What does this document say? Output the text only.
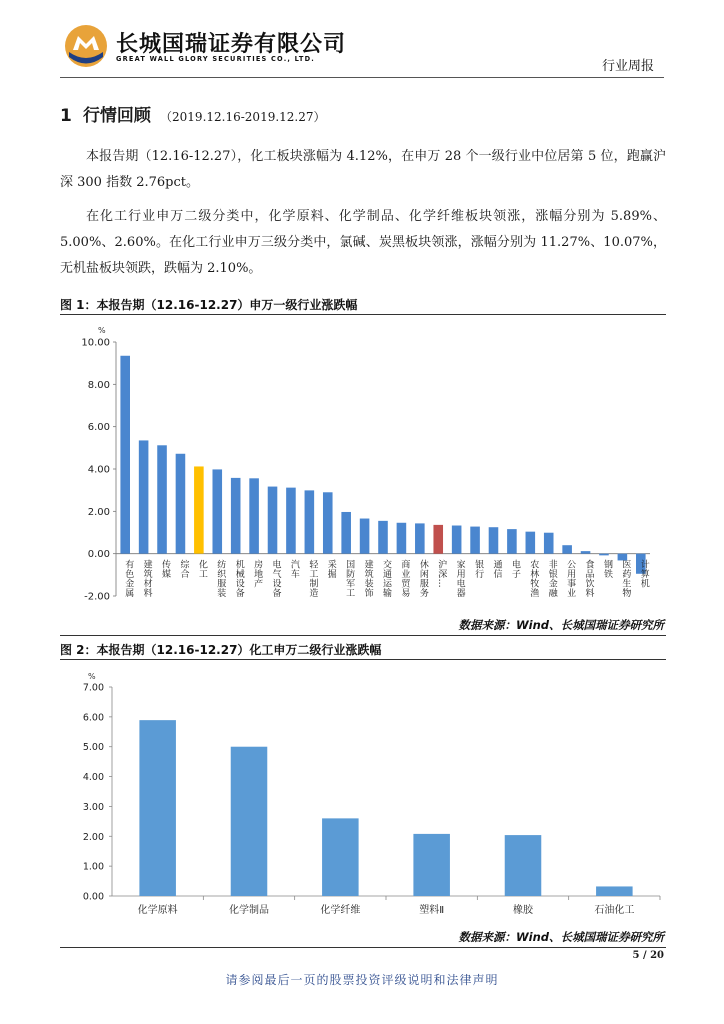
长城国瑞证券有限公司
GREAT WALL GLORY SECURITIES CO., LTD.	行业周报
1 行情回顾 （2019.12.16-2019.12.27）
本报告期（12.16-12.27），化工板块涨幅为 4.12%，在申万 28 个一级行业中位居第 5 位，跑赢沪深 300 指数 2.76pct。
在化工行业申万二级分类中，化学原料、化学制品、化学纤维板块领涨，涨幅分别为 5.89%、5.00%、2.60%。在化工行业申万三级分类中，氯碱、炭黑板块领涨，涨幅分别为 11.27%、10.07%，无机盐板块领跌，跌幅为 2.10%。
图 1：本报告期（12.16-12.27）申万一级行业涨跌幅
%
-2.00
0.00
2.00
4.00
6.00
8.00
10.00
有色金属 建筑材料 传媒 综合 化工 纺织服装 机械设备 房地产 电气设备 汽车 轻工制造 采掘 国防军工 建筑装饰 交通运输 商业贸易 休闲服务 沪深… 家用电器 银行 通信 电子 农林牧渔 非银金融 公用事业 食品饮料 钢铁 医药生物 计算机
数据来源：Wind、长城国瑞证券研究所
图 2：本报告期（12.16-12.27）化工申万二级行业涨跌幅
%
0.00
1.00
2.00
3.00
4.00
5.00
6.00
7.00
化学原料	化学制品	化学纤维	塑料Ⅱ	橡胶	石油化工
数据来源：Wind、长城国瑞证券研究所
5 / 20
请参阅最后一页的股票投资评级说明和法律声明
